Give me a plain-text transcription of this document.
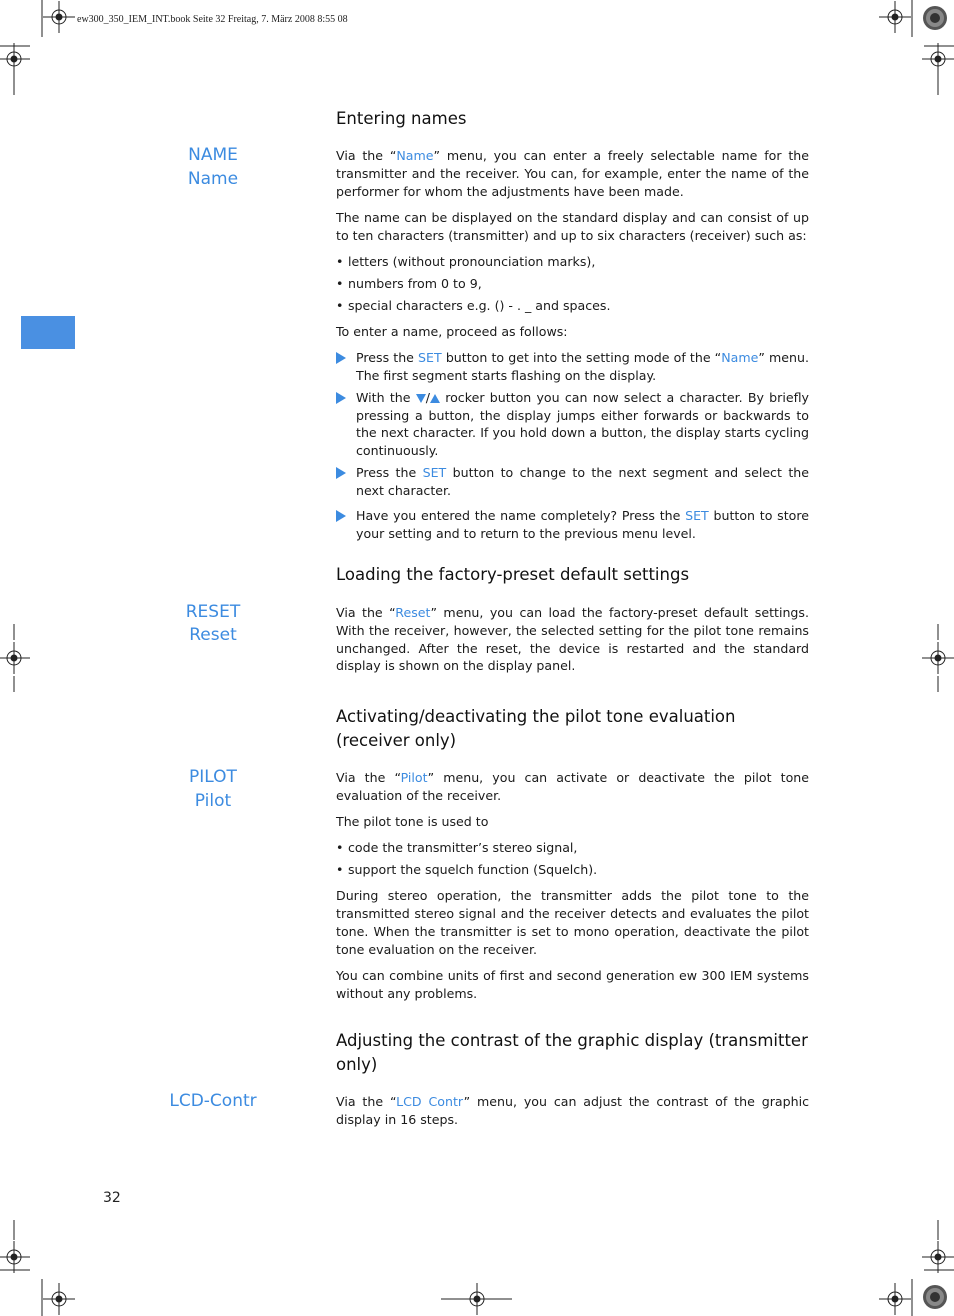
ew300_350_IEM_INT.book Seite 32 Freitag, 7. März 2008 8:55 08
Entering names
NAME
Name

Via the “Name” menu, you can enter a freely selectable name for the transmitter and the receiver. You can, for example, enter the name of the performer for whom the adjustments have been made.

The name can be displayed on the standard display and can consist of up to ten characters (transmitter) and up to six characters (receiver) such as:

• letters (without pronounciation marks),
• numbers from 0 to 9,
• special characters e.g. () - . _ and spaces.

To enter a name, proceed as follows:

Press the SET button to get into the setting mode of the “Name” menu. The first segment starts flashing on the display.
With the / rocker button you can now select a character. By briefly pressing a button, the display jumps either forwards or backwards to the next character. If you hold down a button, the display starts cycling continuously.
Press the SET button to change to the next segment and select the next character.
Have you entered the name completely? Press the SET button to store your setting and to return to the previous menu level.
Loading the factory-preset default settings
RESET
Reset

Via the “Reset” menu, you can load the factory-preset default settings. With the receiver, however, the selected setting for the pilot tone remains unchanged. After the reset, the device is restarted and the standard display is shown on the display panel.

Activating/deactivating the pilot tone evaluation
(receiver only)
PILOT
Pilot

Via the “Pilot” menu, you can activate or deactivate the pilot tone evaluation of the receiver.

The pilot tone is used to

• code the transmitter’s stereo signal,
• support the squelch function (Squelch).

During stereo operation, the transmitter adds the pilot tone to the transmitted stereo signal and the receiver detects and evaluates the pilot tone. When the transmitter is set to mono operation, deactivate the pilot tone evaluation on the receiver.

You can combine units of first and second generation ew 300 IEM systems without any problems.

Adjusting the contrast of the graphic display (transmitter
only)
LCD-Contr	Via the “LCD Contr” menu, you can adjust the contrast of the graphic display in 16 steps.

32
